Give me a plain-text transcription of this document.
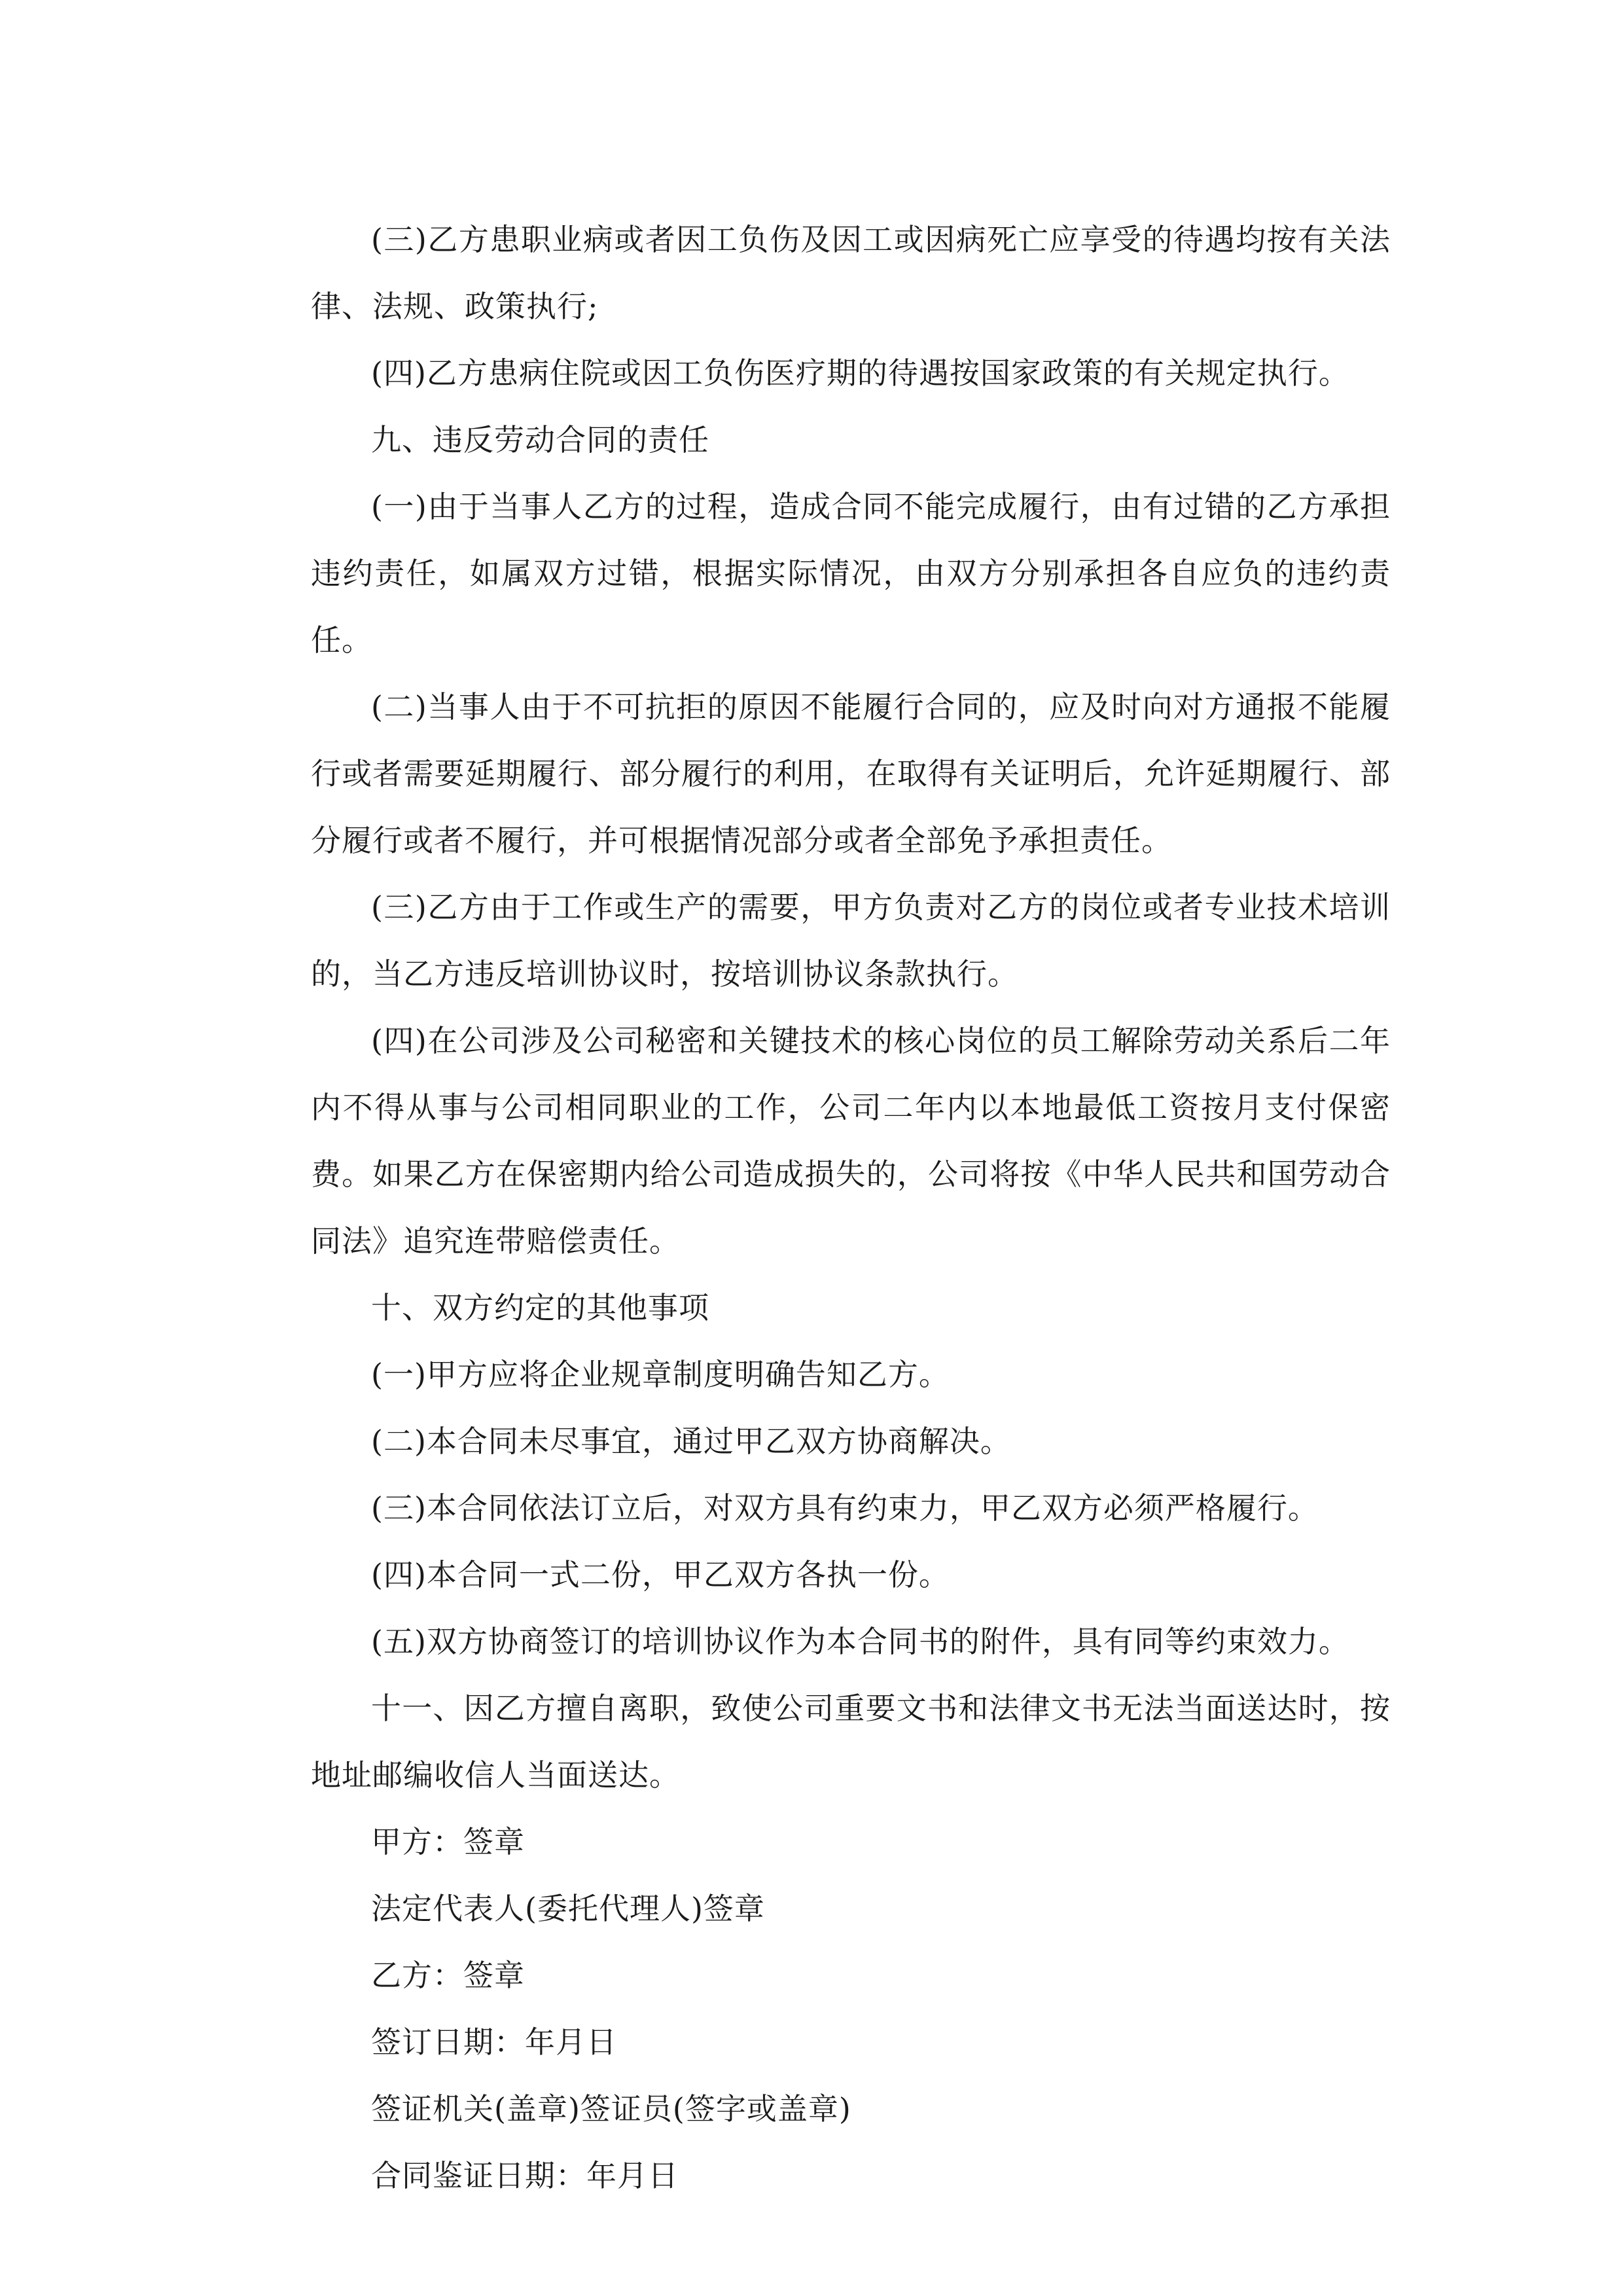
(三)乙方患职业病或者因工负伤及因工或因病死亡应享受的待遇均按有关法律、法规、政策执行;

(四)乙方患病住院或因工负伤医疗期的待遇按国家政策的有关规定执行。

九、违反劳动合同的责任

(一)由于当事人乙方的过程，造成合同不能完成履行，由有过错的乙方承担违约责任，如属双方过错，根据实际情况，由双方分别承担各自应负的违约责任。

(二)当事人由于不可抗拒的原因不能履行合同的，应及时向对方通报不能履行或者需要延期履行、部分履行的利用，在取得有关证明后，允许延期履行、部分履行或者不履行，并可根据情况部分或者全部免予承担责任。

(三)乙方由于工作或生产的需要，甲方负责对乙方的岗位或者专业技术培训的，当乙方违反培训协议时，按培训协议条款执行。

(四)在公司涉及公司秘密和关键技术的核心岗位的员工解除劳动关系后二年内不得从事与公司相同职业的工作，公司二年内以本地最低工资按月支付保密费。如果乙方在保密期内给公司造成损失的，公司将按《中华人民共和国劳动合同法》追究连带赔偿责任。

十、双方约定的其他事项

(一)甲方应将企业规章制度明确告知乙方。

(二)本合同未尽事宜，通过甲乙双方协商解决。

(三)本合同依法订立后，对双方具有约束力，甲乙双方必须严格履行。

(四)本合同一式二份，甲乙双方各执一份。

(五)双方协商签订的培训协议作为本合同书的附件，具有同等约束效力。

十一、因乙方擅自离职，致使公司重要文书和法律文书无法当面送达时，按地址邮编收信人当面送达。

甲方：签章

法定代表人(委托代理人)签章

乙方：签章

签订日期：年月日

签证机关(盖章)签证员(签字或盖章)

合同鉴证日期：年月日
